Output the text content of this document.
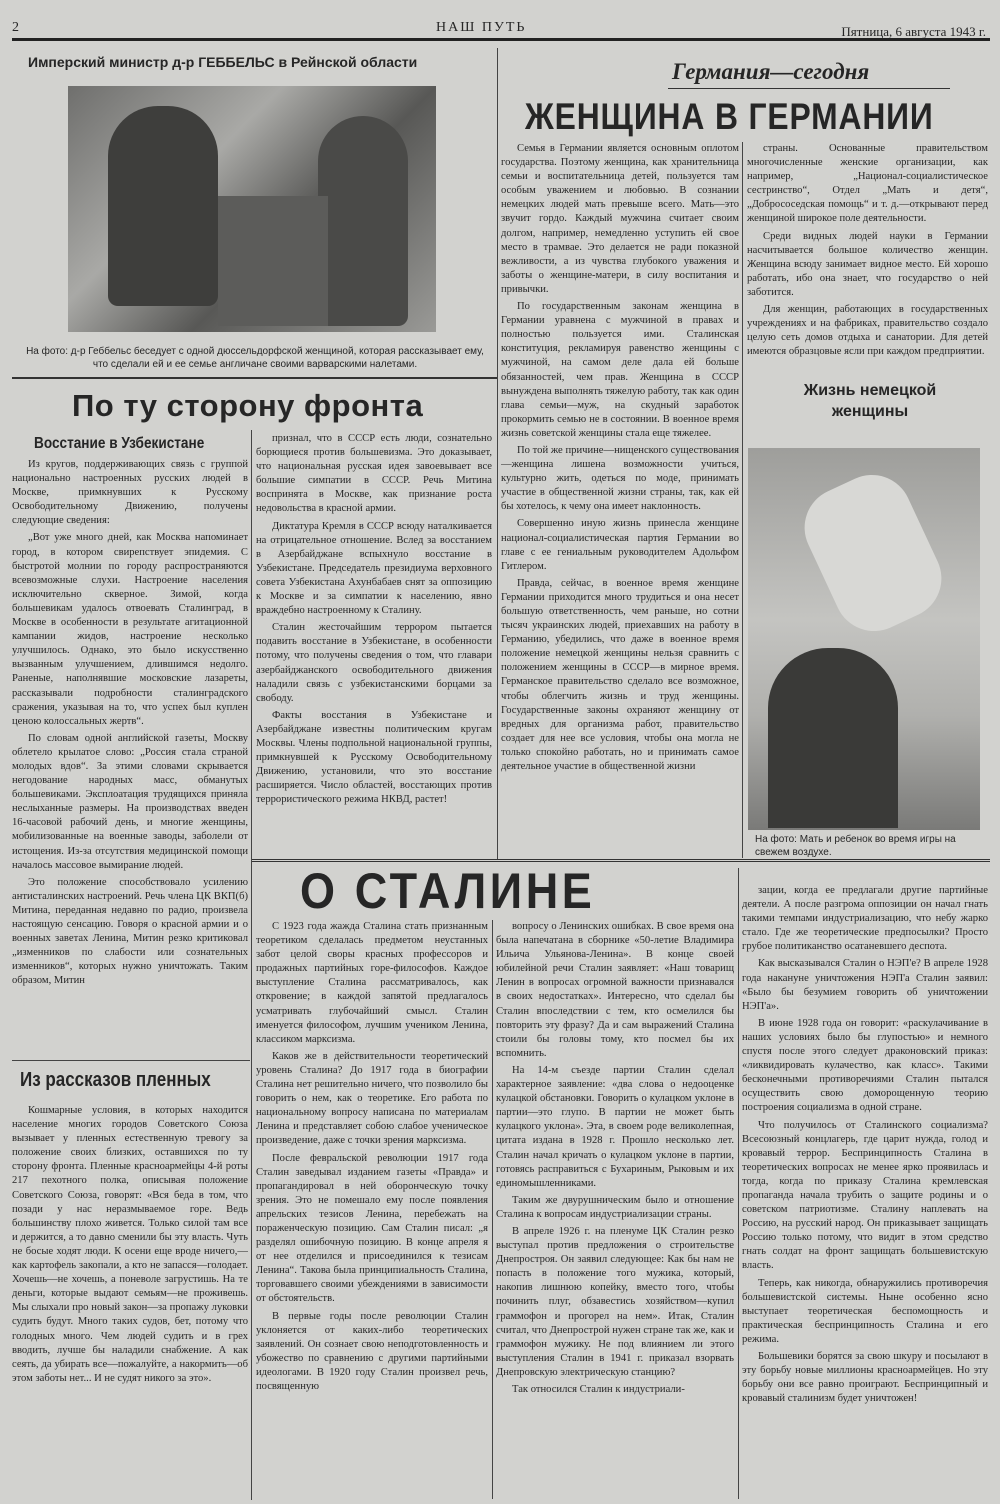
2	НАШ ПУТЬ	Пятница, 6 августа 1943 г.
Имперский министр д-р ГЕББЕЛЬС в Рейнской области
На фото: д-р Геббельс беседует с одной дюссельдорфской женщиной, которая рассказывает ему, что сделали ей и ее семье англичане своими варварскими налетами.
По ту сторону фронта
Восстание в Узбекистане

Из кругов, поддерживающих связь с группой национально настроенных русских людей в Москве, примкнувших к Русскому Освободительному Движению, получены следующие сведения:

„Вот уже много дней, как Москва напоминает город, в котором свирепствует эпидемия. С быстротой молнии по городу распространяются всевозможные слухи. Настроение населения исключительно скверное. Зимой, когда большевикам удалось отвоевать Сталинград, в Москве в особенности в результате агитационной кампании жидов, настроение несколько улучшилось. Однако, это было искусственно вызванным улучшением, длившимся недолго. Раненые, наполнявшие московские лазареты, рассказывали подробности сталинградского сражения, указывая на то, что успех был куплен ценою колоссальных жертв“.

По словам одной английской газеты, Москву облетело крылатое слово: „Россия стала страной молодых вдов“. За этими словами скрывается негодование народных масс, обманутых большевиками. Эксплоатация трудящихся приняла неслыханные размеры. На производствах введен 16-часовой рабочий день, и многие женщины, мобилизованные на военные заводы, заболели от истощения. Из-за отсутствия медицинской помощи началось массовое вымирание людей.

Это положение способствовало усилению антисталинских настроений. Речь члена ЦК ВКП(б) Митина, переданная недавно по радио, произвела настоящую сенсацию. Говоря о красной армии и о военных заветах Ленина, Митин резко критиковал „изменников по слабости или сознательных изменников“, которых нужно уничтожать. Таким образом, Митин

признал, что в СССР есть люди, сознательно борющиеся против большевизма. Это доказывает, что национальная русская идея завоевывает все большие симпатии в СССР. Речь Митина воспринята в Москве, как признание роста недовольства в красной армии.

Диктатура Кремля в СССР всюду наталкивается на отрицательное отношение. Вслед за восстанием в Азербайджане вспыхнуло восстание в Узбекистане. Председатель президиума верховного совета Узбекистана Ахунбабаев снят за оппозицию к Москве и за симпатии к населению, явно враждебно настроенному к Сталину.

Сталин жесточайшим террором пытается подавить восстание в Узбекистане, в особенности потому, что получены сведения о том, что главари азербайджанского освободительного движения наладили связь с узбекистанскими борцами за свободу.

Факты восстания в Узбекистане и Азербайджане известны политическим кругам Москвы. Члены подпольной национальной группы, примкнувшей к Русскому Освободительному Движению, установили, что это восстание расширяется. Число областей, восстающих против террористического режима НКВД, растет!

Из рассказов пленных

Кошмарные условия, в которых находится население многих городов Советского Союза вызывает у пленных естественную тревогу за положение своих близких, оставшихся по ту сторону фронта. Пленные красноармейцы 4-й роты 217 пехотного полка, описывая положение Советского Союза, говорят: «Вся беда в том, что позади у нас неразмываемое горе. Ведь большинству плохо живется. Только силой там все и держится, а то давно сменили бы эту власть. Чуть не босые ходят люди. К осени еще вроде ничего,—как картофель закопали, а кто не запасся—голодает. Хочешь—не хочешь, а поневоле загрустишь. На те деньги, которые выдают семьям—не проживешь. Мы слыхали про новый закон—за пропажу луковки судить будут. Много таких судов, бет, потому что голодных много. Чем людей судить и в грех вводить, лучше бы наладили снабжение. А как сеять, да убирать все—пожалуйте, а накормить—об этом заботы нет... И не судят никого за это».

Германия—сегодня
ЖЕНЩИНА В ГЕРМАНИИ

Семья в Германии является основным оплотом государства. Поэтому женщина, как хранительница семьи и воспитательница детей, пользуется там особым уважением и любовью. В сознании немецких людей мать превыше всего. Мать—это звучит гордо. Каждый мужчина считает своим долгом, например, немедленно уступить ей свое место в трамвае. Это делается не ради показной вежливости, а из чувства глубокого уважения и заботы о женщине-матери, в силу воспитания и привычки.

По государственным законам женщина в Германии уравнена с мужчиной в правах и полностью пользуется ими. Сталинская конституция, рекламируя равенство женщины с мужчиной, на самом деле дала ей больше обязанностей, чем прав. Женщина в СССР вынуждена выполнять тяжелую работу, так как один глава семьи—муж, на скудный заработок прокормить семью не в состоянии. В военное время жизнь советской женщины стала еще тяжелее.

По той же причине—нищенского существования—женщина лишена возможности учиться, культурно жить, одеться по моде, принимать участие в общественной жизни страны, так, как ей бы хотелось, к чему она имеет наклонность.

Совершенно иную жизнь принесла женщине национал-социалистическая партия Германии во главе с ее гениальным руководителем Адольфом Гитлером.

Правда, сейчас, в военное время женщине Германии приходится много трудиться и она несет большую ответственность, чем раньше, но сотни тысяч украинских людей, приехавших на работу в Германию, убедились, что даже в военное время положение немецкой женщины нельзя сравнить с положением женщины в СССР—в мирное время. Германское правительство сделало все возможное, чтобы облегчить жизнь и труд женщины. Государственные законы охраняют женщину от вредных для организма работ, правительство создает для нее все условия, чтобы она могла не только спокойно работать, но и принимать самое деятельное участие в общественной жизни

страны. Основанные правительством многочисленные женские организации, как например, „Национал-социалистическое сестринство“, Отдел „Мать и детя“, „Добрососедская помощь“ и т. д.—открывают перед женщиной широкое поле деятельности.

Среди видных людей науки в Германии насчитывается большое количество женщин. Женщина всюду занимает видное место. Ей хорошо работать, ибо она знает, что государство о ней заботится.

Для женщин, работающих в государственных учреждениях и на фабриках, правительство создало целую сеть домов отдыха и санатории. Для детей имеются образцовые ясли при каждом предприятии.

Жизнь немецкой женщины
На фото: Мать и ребенок во время игры на свежем воздухе.
О СТАЛИНЕ

С 1923 года жажда Сталина стать признанным теоретиком сделалась предметом неустанных забот целой своры красных профессоров и продажных партийных горе-философов. Каждое выступление Сталина рассматривалось, как откровение; в каждой запятой предлагалось усматривать глубочайший смысл. Сталин именуется философом, лучшим учеником Ленина, классиком марксизма.

Каков же в действительности теоретический уровень Сталина? До 1917 года в биографии Сталина нет решительно ничего, что позволило бы говорить о нем, как о теоретике. Его работа по национальному вопросу написана по материалам Ленина и представляет собою слабое ученическое произведение, даже с точки зрения марксизма.

После февральской революции 1917 года Сталин заведывал изданием газеты «Правда» и пропагандировал в ней оборонческую точку зрения. Это не помешало ему после появления апрельских тезисов Ленина, перебежать на пораженческую позицию. Сам Сталин писал: „я разделял ошибочную позицию. В конце апреля я от нее отделился и присоединился к тезисам Ленина“. Такова была принципиальность Сталина, торговавшего своими убеждениями в зависимости от обстоятельств.

В первые годы после революции Сталин уклоняется от каких-либо теоретических заявлений. Он сознает свою неподготовленность и убожество по сравнению с другими партийными идеологами. В 1920 году Сталин произвел речь, посвященную

вопросу о Ленинских ошибках. В свое время она была напечатана в сборнике «50-летие Владимира Ильича Ульянова-Ленина». В конце своей юбилейной речи Сталин заявляет: «Наш товарищ Ленин в вопросах огромной важности признавался в своих недостатках». Интересно, что сделал бы Сталин впоследствии с тем, кто осмелился бы повторить эту фразу? Да и сам выражений Сталина стоили бы головы тому, кто посмел бы их вспомнить.

На 14-м съезде партии Сталин сделал характерное заявление: «два слова о недооценке кулацкой обстановки. Говорить о кулацком уклоне в партии—это глупо. В партии не может быть кулацкого уклона». Эта, в своем роде великолепная, цитата издана в 1928 г. Прошло несколько лет. Сталин начал кричать о кулацком уклоне в партии, готовясь расправиться с Бухариным, Рыковым и их единомышленниками.

Таким же двурушническим было и отношение Сталина к вопросам индустриализации страны.

В апреле 1926 г. на пленуме ЦК Сталин резко выступал против предложения о строительстве Днепростроя. Он заявил следующее: Как бы нам не попасть в положение того мужика, который, накопив лишнюю копейку, вместо того, чтобы починить плуг, обзавестись хозяйством—купил граммофон и прогорел на нем». Итак, Сталин считал, что Днепрострой нужен стране так же, как и граммофон мужику. Не под влиянием ли этого выступления Сталин в 1941 г. приказал взорвать Днепровскую электрическую станцию?

Так относился Сталин к индустриали-

зации, когда ее предлагали другие партийные деятели. А после разгрома оппозиции он начал гнать такими темпами индустриализацию, что небу жарко стало. Где же теоретические предпосылки? Просто грубое политиканство осатаневшего деспота.

Как высказывался Сталин о НЭП'е? В апреле 1928 года накануне уничтожения НЭП'а Сталин заявил: «Было бы безумием говорить об уничтожении НЭП'а».

В июне 1928 года он говорит: «раскулачивание в наших условиях было бы глупостью» и немного спустя после этого следует драконовский приказ: «ликвидировать кулачество, как класс». Такими бесконечными противоречиями Сталин пытался осуществить свою доморощенную теорию построения социализма в одной стране.

Что получилось от Сталинского социализма? Всесоюзный концлагерь, где царит нужда, голод и кровавый террор. Беспринципность Сталина в теоретических вопросах не менее ярко проявилась и тогда, когда по приказу Сталина кремлевская пропаганда начала трубить о защите родины и о советском патриотизме. Сталину наплевать на Россию, на русский народ. Он приказывает защищать Россию только потому, что видит в этом средство гнать солдат на фронт защищать большевистскую власть.

Теперь, как никогда, обнаружились противоречия большевистской системы. Ныне особенно ясно выступает теоретическая беспомощность и практическая беспринципность Сталина и его режима.

Большевики борятся за свою шкуру и посылают в эту борьбу новые миллионы красноармейцев. Но эту борьбу они все равно проиграют. Беспринципный и кровавый сталинизм будет уничтожен!
